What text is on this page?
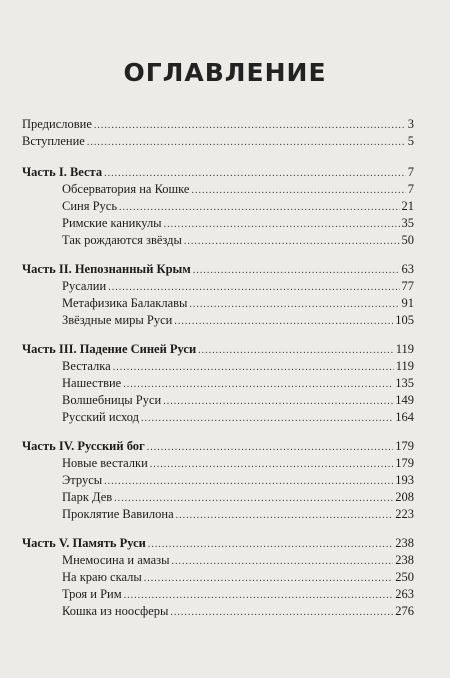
ОГЛАВЛЕНИЕ
Предисловие .....	3
Вступление .....	5
Часть I. Веста .....	7
Обсерватория на Кошке .....	7
Синя Русь .....	21
Римские каникулы .....	35
Так рождаются звёзды .....	50
Часть II. Непознанный Крым .....	63
Русалии .....	77
Метафизика Балаклавы .....	91
Звёздные миры Руси .....	105
Часть III. Падение Синей Руси .....	119
Весталка .....	119
Нашествие .....	135
Волшебницы Руси .....	149
Русский исход .....	164
Часть IV. Русский бог .....	179
Новые весталки .....	179
Этрусы .....	193
Парк Дев .....	208
Проклятие Вавилона .....	223
Часть V. Память Руси .....	238
Мнемосина и амазы .....	238
На краю скалы .....	250
Троя и Рим .....	263
Кошка из ноосферы .....	276
